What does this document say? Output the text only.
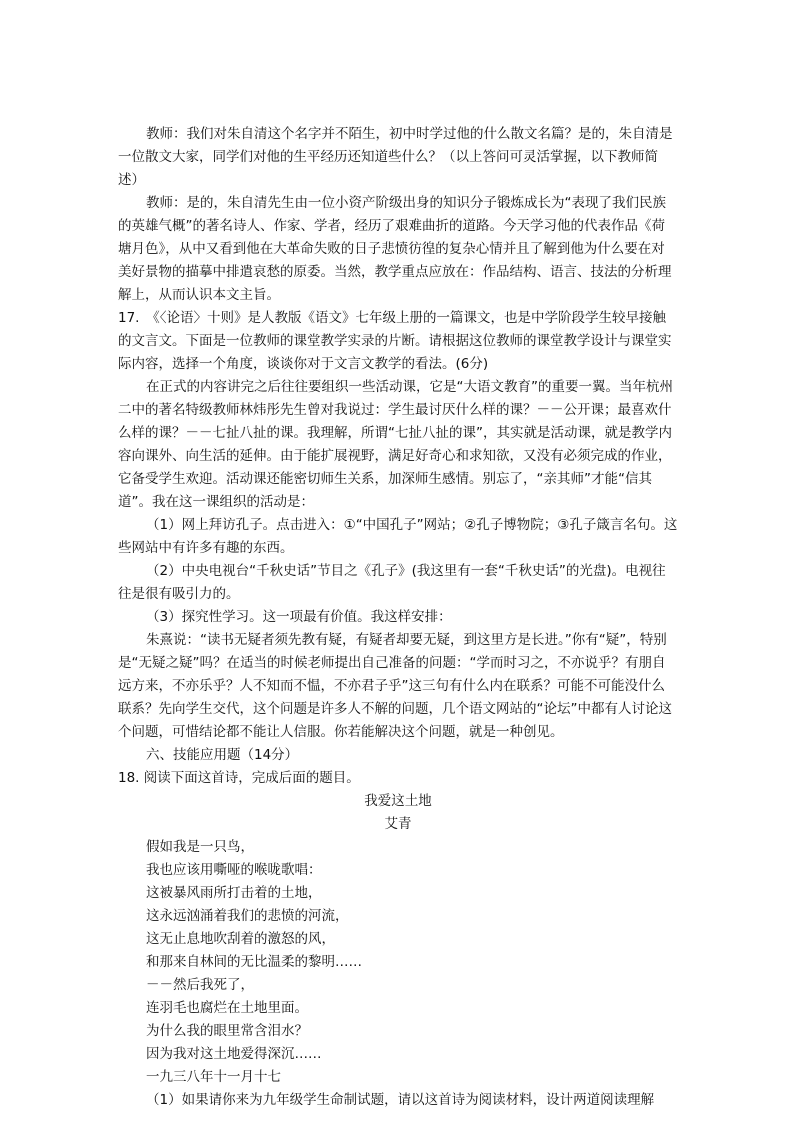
教师：我们对朱自清这个名字并不陌生，初中时学过他的什么散文名篇？是的，朱自清是一位散文大家，同学们对他的生平经历还知道些什么？（以上答问可灵活掌握，以下教师简述）

教师：是的，朱自清先生由一位小资产阶级出身的知识分子锻炼成长为“表现了我们民族的英雄气概”的著名诗人、作家、学者，经历了艰难曲折的道路。今天学习他的代表作品《荷塘月色》，从中又看到他在大革命失败的日子悲愤彷徨的复杂心情并且了解到他为什么要在对美好景物的描摹中排遣哀愁的原委。当然，教学重点应放在：作品结构、语言、技法的分析理解上，从而认识本文主旨。

17.　《〈论语〉十则》是人教版《语文》七年级上册的一篇课文，也是中学阶段学生较早接触的文言文。下面是一位教师的课堂教学实录的片断。请根据这位教师的课堂教学设计与课堂实际内容，选择一个角度，谈谈你对于文言文教学的看法。(6分)

在正式的内容讲完之后往往要组织一些活动课，它是“大语文教育”的重要一翼。当年杭州二中的著名特级教师林炜彤先生曾对我说过：学生最讨厌什么样的课？－－公开课；最喜欢什么样的课？－－七扯八扯的课。我理解，所谓“七扯八扯的课”，其实就是活动课，就是教学内容向课外、向生活的延伸。由于能扩展视野，满足好奇心和求知欲，又没有必须完成的作业，它备受学生欢迎。活动课还能密切师生关系，加深师生感情。别忘了，“亲其师”才能“信其道”。我在这一课组织的活动是：

（1）网上拜访孔子。点击进入：①“中国孔子”网站；②孔子博物院；③孔子箴言名句。这些网站中有许多有趣的东西。

（2）中央电视台“千秋史话”节目之《孔子》(我这里有一套“千秋史话”的光盘)。电视往往是很有吸引力的。

（3）探究性学习。这一项最有价值。我这样安排：

朱熹说：“读书无疑者须先教有疑，有疑者却要无疑，到这里方是长进。”你有“疑”，特别是“无疑之疑”吗？在适当的时候老师提出自己准备的问题：“学而时习之，不亦说乎？有朋自远方来，不亦乐乎？人不知而不愠，不亦君子乎”这三句有什么内在联系？可能不可能没什么联系？先向学生交代，这个问题是许多人不解的问题，几个语文网站的“论坛”中都有人讨论这个问题，可惜结论都不能让人信服。你若能解决这个问题，就是一种创见。

六、技能应用题（14分）

18. 阅读下面这首诗，完成后面的题目。

我爱这土地
艾青
假如我是一只鸟，
我也应该用嘶哑的喉咙歌唱：
这被暴风雨所打击着的土地，
这永远汹涌着我们的悲愤的河流，
这无止息地吹刮着的激怒的风，
和那来自林间的无比温柔的黎明……
－－然后我死了，
连羽毛也腐烂在土地里面。
为什么我的眼里常含泪水？
因为我对这土地爱得深沉……
一九三八年十一月十七

（1）如果请你来为九年级学生命制试题，请以这首诗为阅读材料，设计两道阅读理解
